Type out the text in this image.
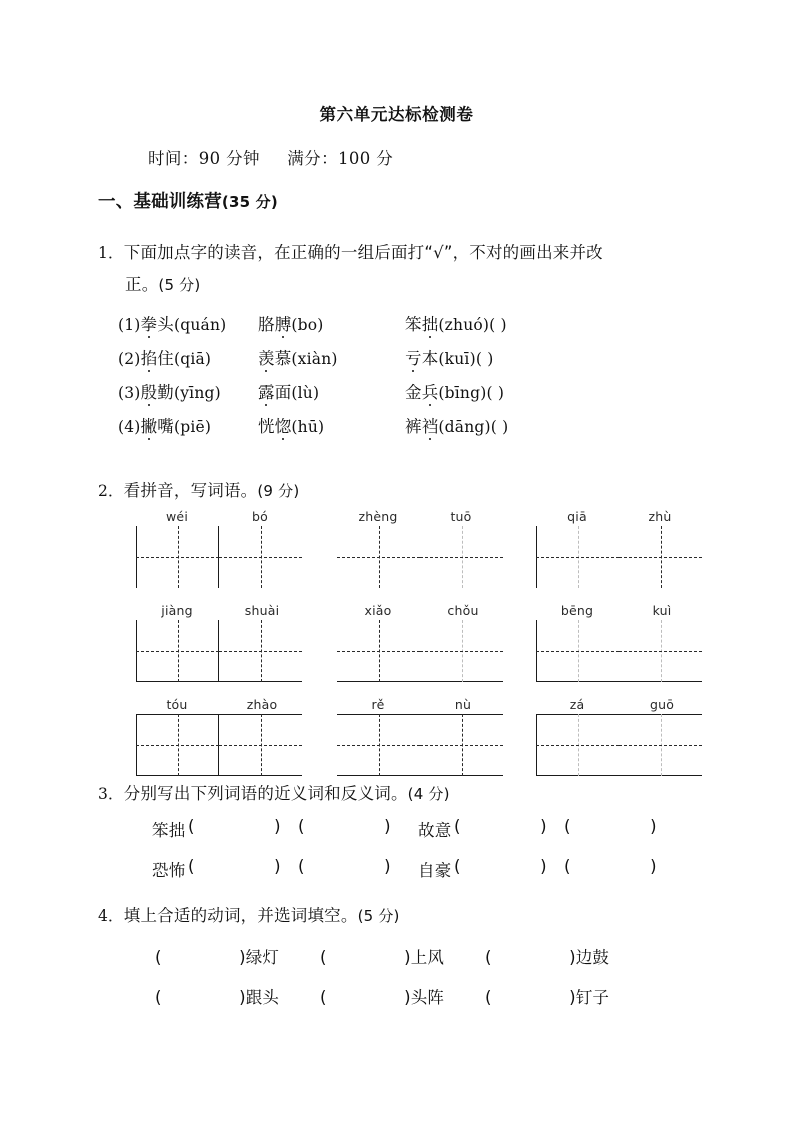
第六单元达标检测卷
时间：90 分钟 满分：100 分
一、基础训练营(35 分)
1．下面加点字的读音，在正确的一组后面打“√”，不对的画出来并改
正。(5 分)
(1)拳头(quán) 胳膊(bo)	笨拙(zhuó)( )
(2)掐住(qiā)	羡慕(xiàn)	亏本(kuī)( )
(3)殷勤(yīng) 露面(lù)	金兵(bīng)( )
(4)撇嘴(piē)	恍惚(hū)	裤裆(dāng)( )
2．看拼音，写词语。(9 分)
wéi	bó	zhèng	tuō	qiā	zhù
jiàng	shuài	xiǎo	chǒu	bēng	kuì
tóu	zhào	rě	nù	zá	guō
3．分别写出下列词语的近义词和反义词。(4 分)
笨拙 (	) (	) 故意 (	) (	)
恐怖 (	) (	) 自豪 (	) (	)
4．填上合适的动词，并选词填空。(5 分)
(	)绿灯 (	)上风 (	)边鼓
(	)跟头 (	)头阵 (	)钉子
